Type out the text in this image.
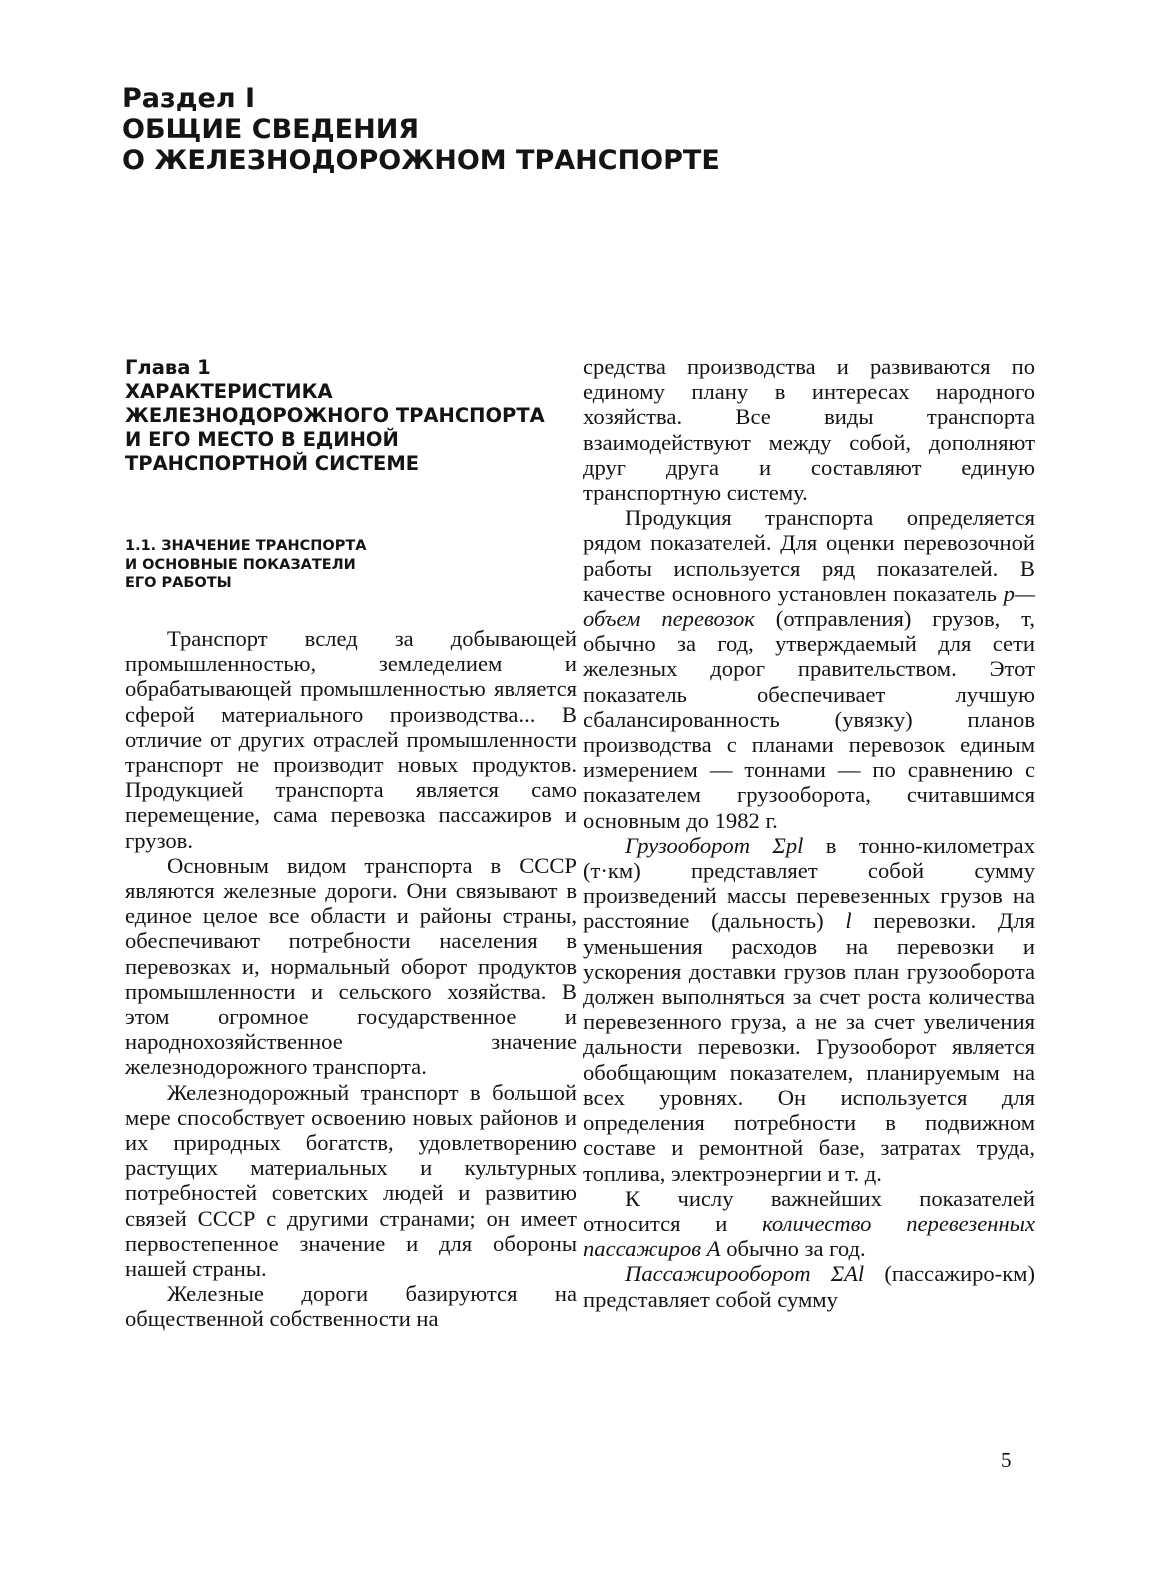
Раздел I
ОБЩИЕ СВЕДЕНИЯ
О ЖЕЛЕЗНОДОРОЖНОМ ТРАНСПОРТЕ
Глава 1
ХАРАКТЕРИСТИКА
ЖЕЛЕЗНОДОРОЖНОГО ТРАНСПОРТА
И ЕГО МЕСТО В ЕДИНОЙ
ТРАНСПОРТНОЙ СИСТЕМЕ
1.1. ЗНАЧЕНИЕ ТРАНСПОРТА
И ОСНОВНЫЕ ПОКАЗАТЕЛИ
ЕГО РАБОТЫ

Транспорт вслед за добывающей промышленностью, земледелием и обрабатывающей промышленностью является сферой материального производства... В отличие от других отраслей промышленности транспорт не производит новых продуктов. Продукцией транспорта является само перемещение, сама перевозка пассажиров и грузов.

Основным видом транспорта в СССР являются железные дороги. Они связывают в единое целое все области и районы страны, обеспечивают потребности населения в перевозках и, нормальный оборот продуктов промышленности и сельского хозяйства. В этом огромное государственное и народнохозяйственное значение железнодорожного транспорта.

Железнодорожный транспорт в большой мере способствует освоению новых районов и их природных богатств, удовлетворению растущих материальных и культурных потребностей советских людей и развитию связей СССР с другими странами; он имеет первостепенное значение и для обороны нашей страны.

Железные дороги базируются на общественной собственности на

средства производства и развиваются по единому плану в интересах народного хозяйства. Все виды транспорта взаимодействуют между собой, дополняют друг друга и составляют единую транспортную систему.

Продукция транспорта определяется рядом показателей. Для оценки перевозочной работы используется ряд показателей. В качестве основного установлен показатель p—объем перевозок (отправления) грузов, т, обычно за год, утверждаемый для сети железных дорог правительством. Этот показатель обеспечивает лучшую сбалансированность (увязку) планов производства с планами перевозок единым измерением — тоннами — по сравнению с показателем грузооборота, считавшимся основным до 1982 г.

Грузооборот Σpl в тонно-километрах (т·км) представляет собой сумму произведений массы перевезенных грузов на расстояние (дальность) l перевозки. Для уменьшения расходов на перевозки и ускорения доставки грузов план грузооборота должен выполняться за счет роста количества перевезенного груза, а не за счет увеличения дальности перевозки. Грузооборот является обобщающим показателем, планируемым на всех уровнях. Он используется для определения потребности в подвижном составе и ремонтной базе, затратах труда, топлива, электроэнергии и т. д.

К числу важнейших показателей относится и количество перевезенных пассажиров A обычно за год.

Пассажирооборот ΣAl (пассажиро-км) представляет собой сумму

5
